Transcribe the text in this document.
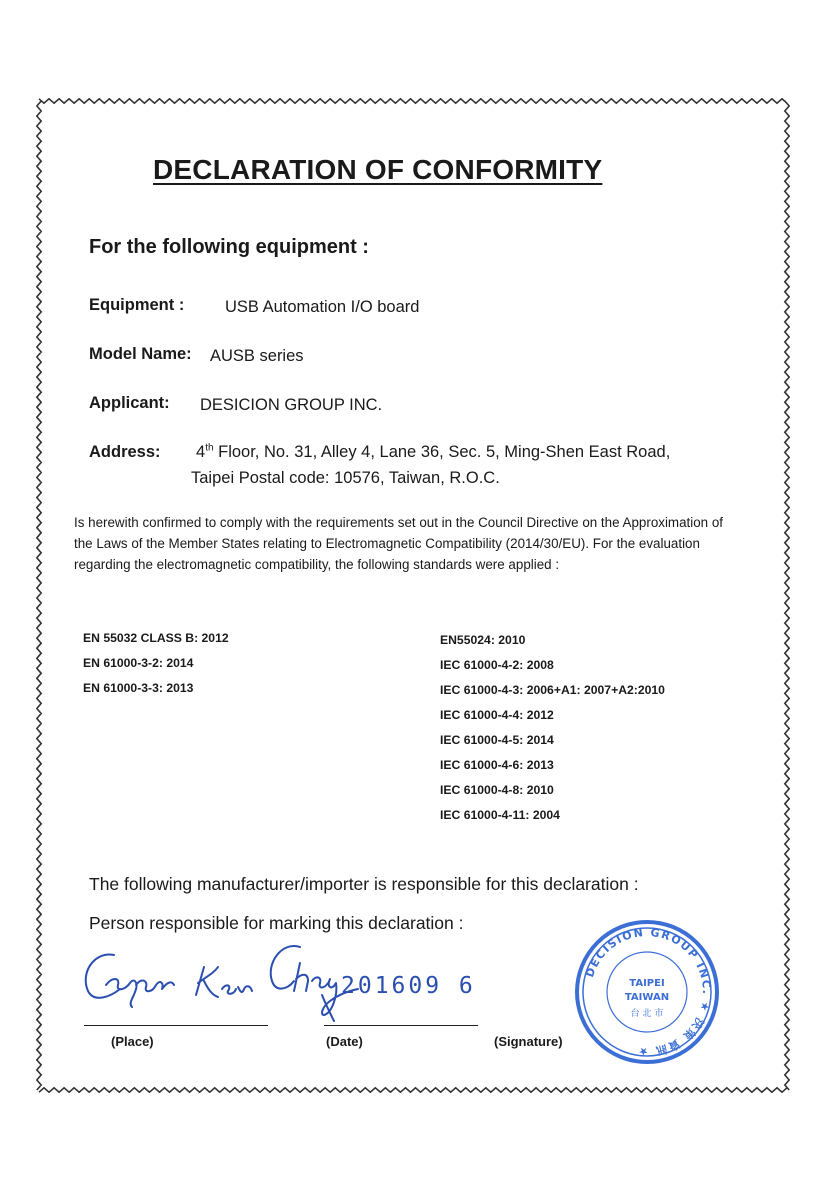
DECLARATION OF CONFORMITY
For the following equipment :
Equipment : USB Automation I/O board
Model Name: AUSB series
Applicant: DESICION GROUP INC.
Address: 4th Floor, No. 31, Alley 4, Lane 36, Sec. 5, Ming-Shen East Road,
Taipei Postal code: 10576, Taiwan, R.O.C.
Is herewith confirmed to comply with the requirements set out in the Council Directive on the Approximation of the Laws of the Member States relating to Electromagnetic Compatibility (2014/30/EU). For the evaluation regarding the electromagnetic compatibility, the following standards were applied :
EN 55032 CLASS B: 2012
EN 61000-3-2: 2014
EN 61000-3-3: 2013
EN55024: 2010
IEC 61000-4-2: 2008
IEC 61000-4-3: 2006+A1: 2007+A2:2010
IEC 61000-4-4: 2012
IEC 61000-4-5: 2014
IEC 61000-4-6: 2013
IEC 61000-4-8: 2010
IEC 61000-4-11: 2004
The following manufacturer/importer is responsible for this declaration :
Person responsible for marking this declaration :
201609 6
(Place)	(Date)	(Signature)
DECISION GROUP INC. ★ 決策 資訊 ★
TAIPEI
TAIWAN
台 北 市
